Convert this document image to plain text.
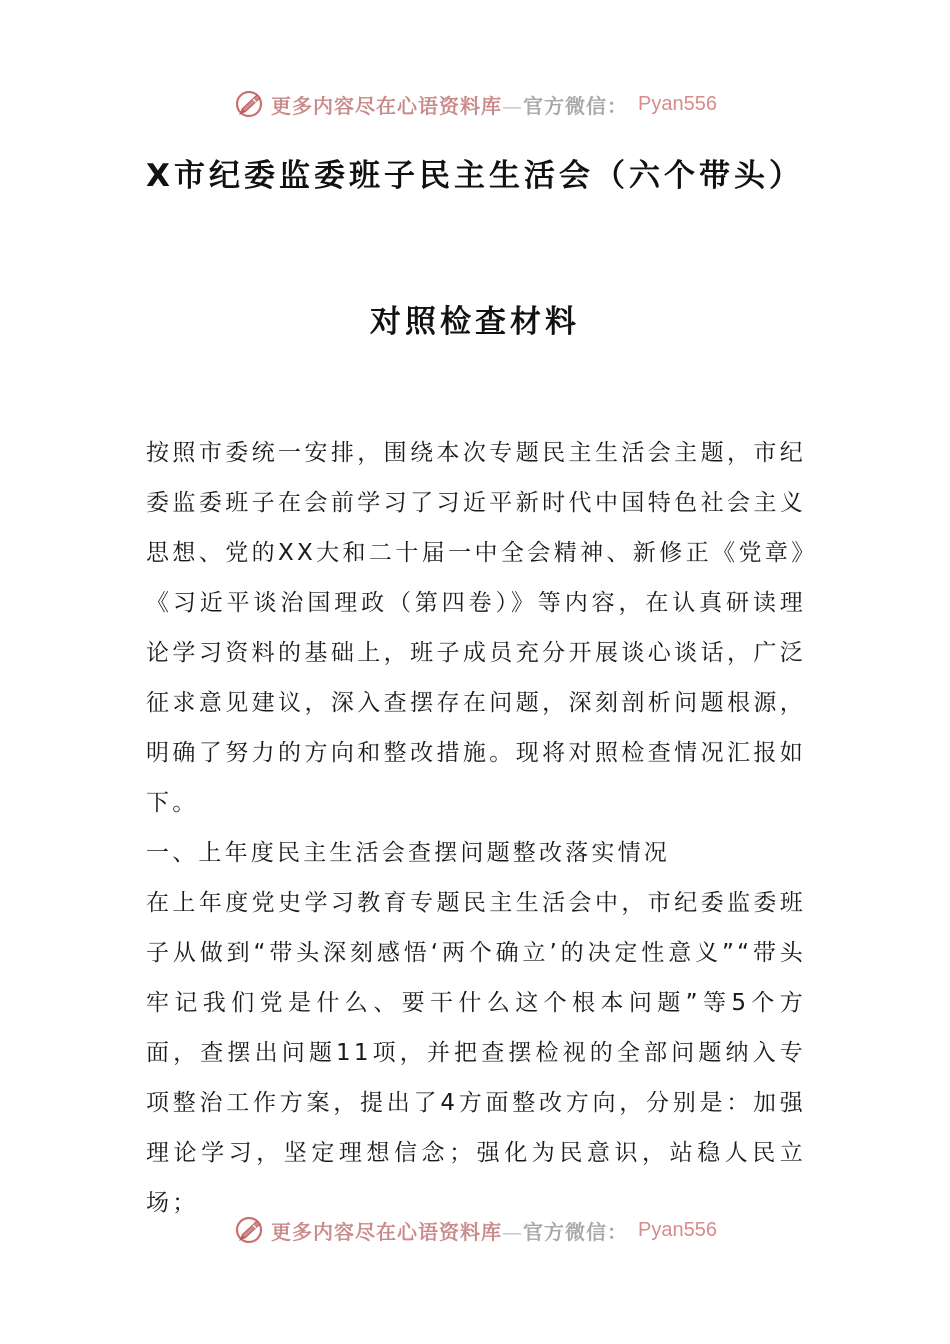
更多内容尽在心语资料库—官方微信： Pyan556
X市纪委监委班子民主生活会（六个带头）
对照检查材料

按照市委统一安排，围绕本次专题民主生活会主题，市纪委监委班子在会前学习了习近平新时代中国特色社会主义思想、党的XX大和二十届一中全会精神、新修正《党章》《习近平谈治国理政（第四卷）》等内容，在认真研读理论学习资料的基础上，班子成员充分开展谈心谈话，广泛征求意见建议，深入查摆存在问题，深刻剖析问题根源，明确了努力的方向和整改措施。现将对照检查情况汇报如下。

一、上年度民主生活会查摆问题整改落实情况

在上年度党史学习教育专题民主生活会中，市纪委监委班子从做到“带头深刻感悟‘两个确立’的决定性意义”“带头牢记我们党是什么、要干什么这个根本问题”等5个方面，查摆出问题11项，并把查摆检视的全部问题纳入专项整治工作方案，提出了4方面整改方向，分别是：加强理论学习，坚定理想信念；强化为民意识，站稳人民立场；

更多内容尽在心语资料库—官方微信： Pyan556
